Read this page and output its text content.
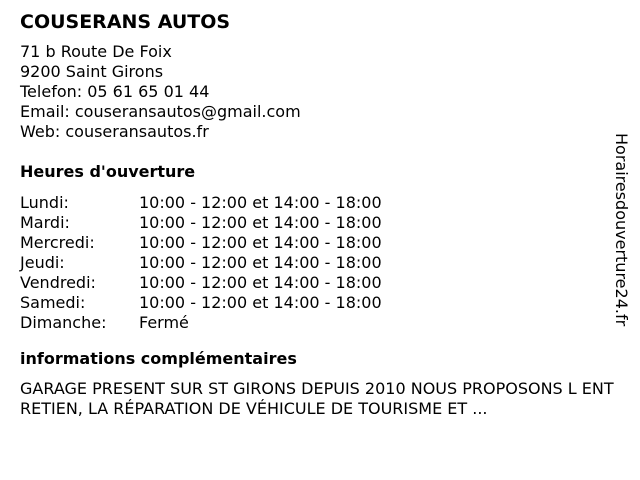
COUSERANS AUTOS
71 b Route De Foix
9200 Saint Girons
Telefon: 05 61 65 01 44
Email: couseransautos@gmail.com
Web: couseransautos.fr
Heures d'ouverture
Lundi:	10:00 - 12:00 et 14:00 - 18:00
Mardi:	10:00 - 12:00 et 14:00 - 18:00
Mercredi:	10:00 - 12:00 et 14:00 - 18:00
Jeudi:	10:00 - 12:00 et 14:00 - 18:00
Vendredi:	10:00 - 12:00 et 14:00 - 18:00
Samedi:	10:00 - 12:00 et 14:00 - 18:00
Dimanche: Fermé
informations complémentaires

GARAGE PRESENT SUR ST GIRONS DEPUIS 2010 NOUS PROPOSONS L ENTRETIEN, LA RÉPARATION DE VÉHICULE DE TOURISME ET ...

Horairesdouverture24.fr
